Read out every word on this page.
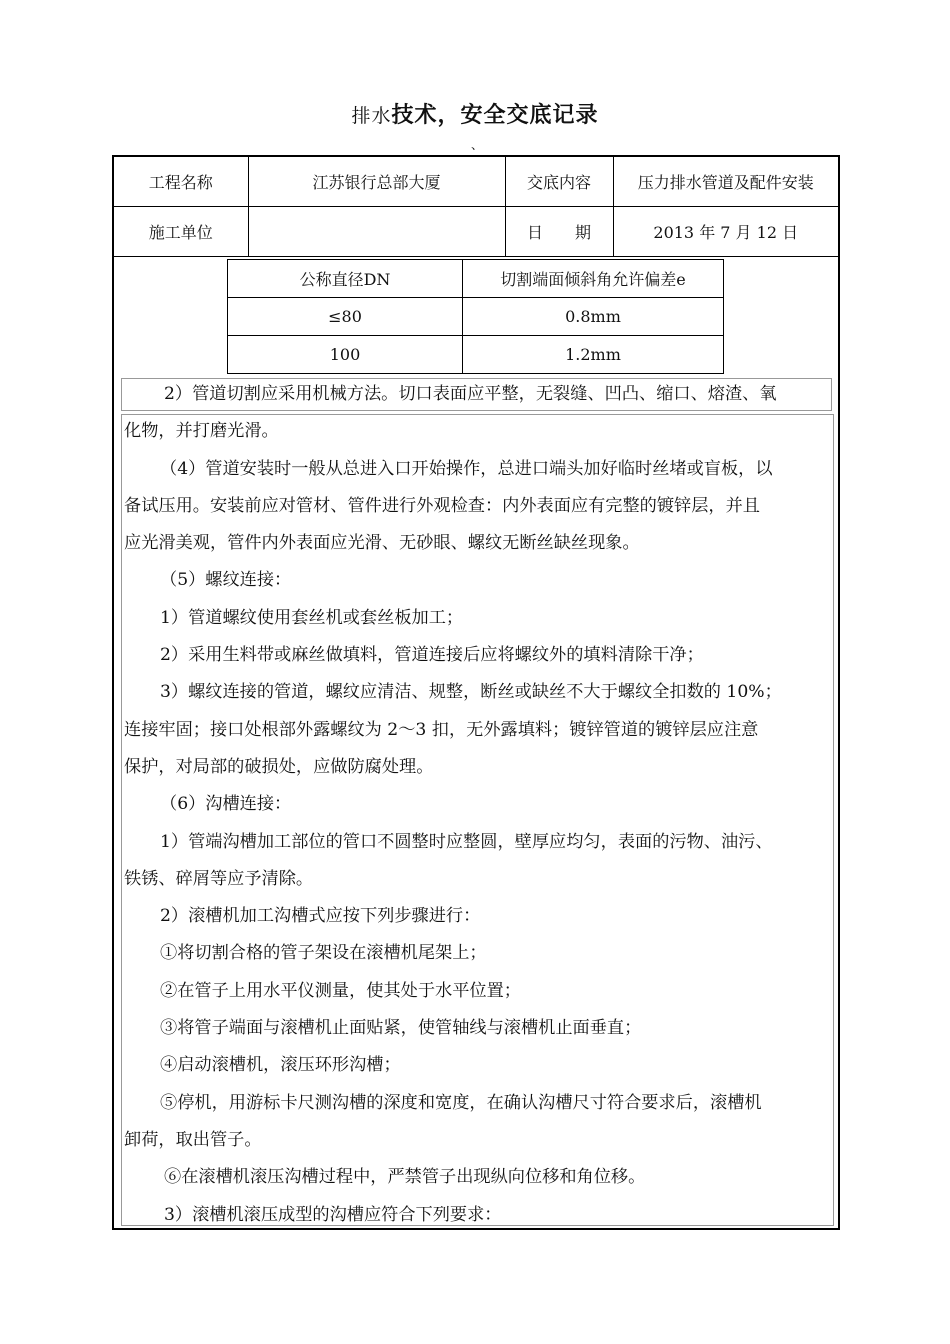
排水技术，安全交底记录
、
工程名称	江苏银行总部大厦	交底内容	压力排水管道及配件安装
施工单位		日　　期	2013 年 7 月 12 日
公称直径DN	切割端面倾斜角允许偏差e
≤80	0.8mm
100	1.2mm

2）管道切割应采用机械方法。切口表面应平整，无裂缝、凹凸、缩口、熔渣、氧

化物，并打磨光滑。

（4）管道安装时一般从总进入口开始操作，总进口端头加好临时丝堵或盲板，以

备试压用。安装前应对管材、管件进行外观检查：内外表面应有完整的镀锌层，并且

应光滑美观，管件内外表面应光滑、无砂眼、螺纹无断丝缺丝现象。

（5）螺纹连接：

1）管道螺纹使用套丝机或套丝板加工；

2）采用生料带或麻丝做填料，管道连接后应将螺纹外的填料清除干净；

3）螺纹连接的管道，螺纹应清洁、规整，断丝或缺丝不大于螺纹全扣数的 10%；

连接牢固；接口处根部外露螺纹为 2～3 扣，无外露填料；镀锌管道的镀锌层应注意

保护，对局部的破损处，应做防腐处理。

（6）沟槽连接：

1）管端沟槽加工部位的管口不圆整时应整圆，壁厚应均匀，表面的污物、油污、

铁锈、碎屑等应予清除。

2）滚槽机加工沟槽式应按下列步骤进行：

①将切割合格的管子架设在滚槽机尾架上；

②在管子上用水平仪测量，使其处于水平位置；

③将管子端面与滚槽机止面贴紧，使管轴线与滚槽机止面垂直；

④启动滚槽机，滚压环形沟槽；

⑤停机，用游标卡尺测沟槽的深度和宽度，在确认沟槽尺寸符合要求后，滚槽机

卸荷，取出管子。

⑥在滚槽机滚压沟槽过程中，严禁管子出现纵向位移和角位移。

3）滚槽机滚压成型的沟槽应符合下列要求：
